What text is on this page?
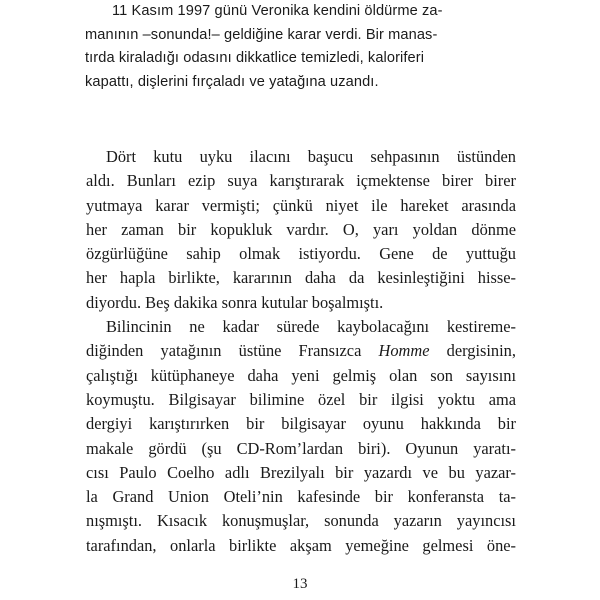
11 Kasım 1997 günü Veronika kendini öldürme za-
manının –sonunda!– geldiğine karar verdi. Bir manas-
tırda kiraladığı odasını dikkatlice temizledi, kaloriferi
kapattı, dişlerini fırçaladı ve yatağına uzandı.
Dört kutu uyku ilacını başucu sehpasının üstünden
aldı. Bunları ezip suya karıştırarak içmektense birer birer
yutmaya karar vermişti; çünkü niyet ile hareket arasında
her zaman bir kopukluk vardır. O, yarı yoldan dönme
özgürlüğüne sahip olmak istiyordu. Gene de yuttuğu
her hapla birlikte, kararının daha da kesinleştiğini hisse-
diyordu. Beş dakika sonra kutular boşalmıştı.
Bilincinin ne kadar sürede kaybolacağını kestireme-
diğinden yatağının üstüne Fransızca Homme dergisinin,
çalıştığı kütüphaneye daha yeni gelmiş olan son sayısını
koymuştu. Bilgisayar bilimine özel bir ilgisi yoktu ama
dergiyi karıştırırken bir bilgisayar oyunu hakkında bir
makale gördü (şu CD-Rom’lardan biri). Oyunun yaratı-
cısı Paulo Coelho adlı Brezilyalı bir yazardı ve bu yazar-
la Grand Union Oteli’nin kafesinde bir konferansta ta-
nışmıştı. Kısacık konuşmuşlar, sonunda yazarın yayıncısı
tarafından, onlarla birlikte akşam yemeğine gelmesi öne-
13
